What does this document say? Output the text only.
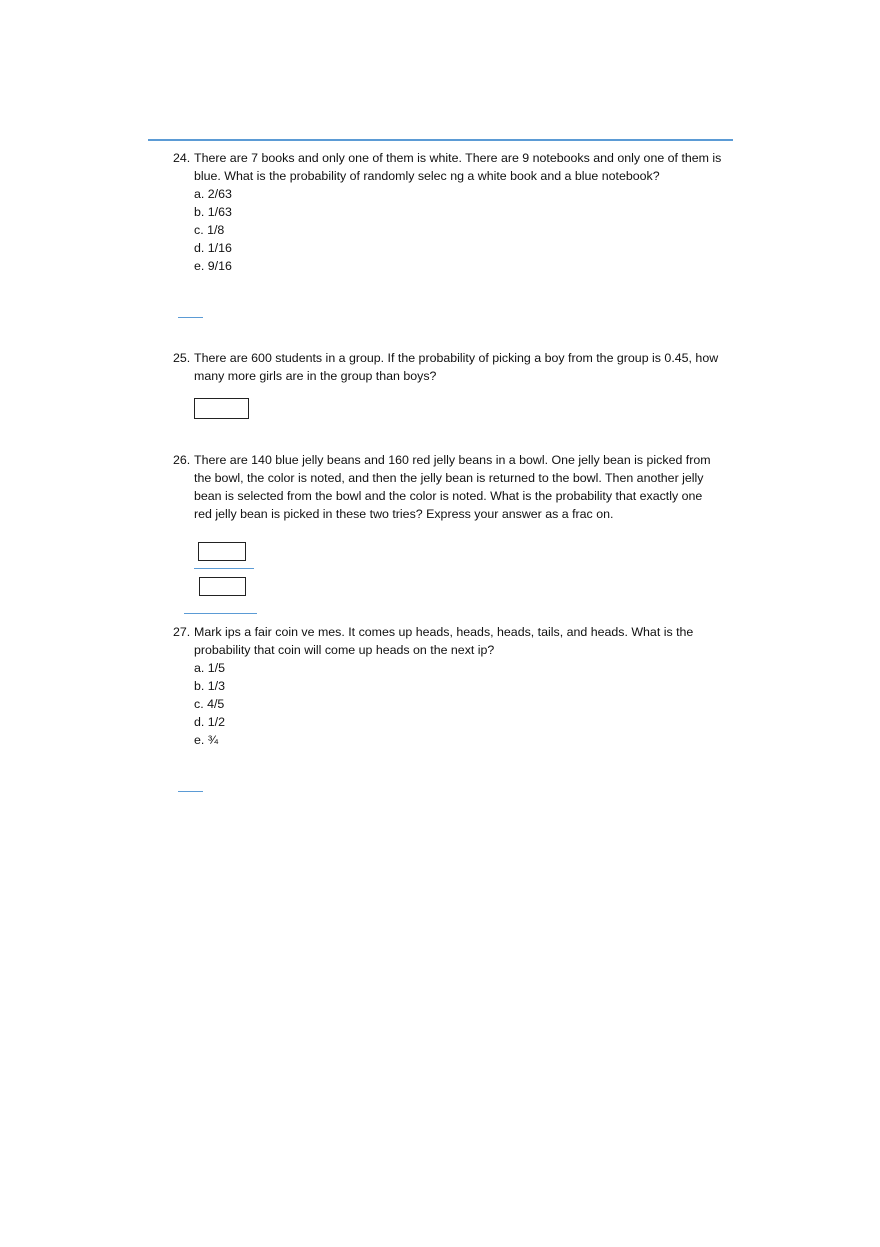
24. There are 7 books and only one of them is white. There are 9 notebooks and only one of them is
blue. What is the probability of randomly selec ng a white book and a blue notebook?
a. 2/63
b. 1/63
c. 1/8
d. 1/16
e. 9/16
25. There are 600 students in a group. If the probability of picking a boy from the group is 0.45, how
many more girls are in the group than boys?
26. There are 140 blue jelly beans and 160 red jelly beans in a bowl. One jelly bean is picked from
the bowl, the color is noted, and then the jelly bean is returned to the bowl. Then another jelly
bean is selected from the bowl and the color is noted. What is the probability that exactly one
red jelly bean is picked in these two tries? Express your answer as a frac on.
27. Mark ips a fair coin ve mes. It comes up heads, heads, heads, tails, and heads. What is the
probability that coin will come up heads on the next ip?
a. 1/5
b. 1/3
c. 4/5
d. 1/2
e. ¾
